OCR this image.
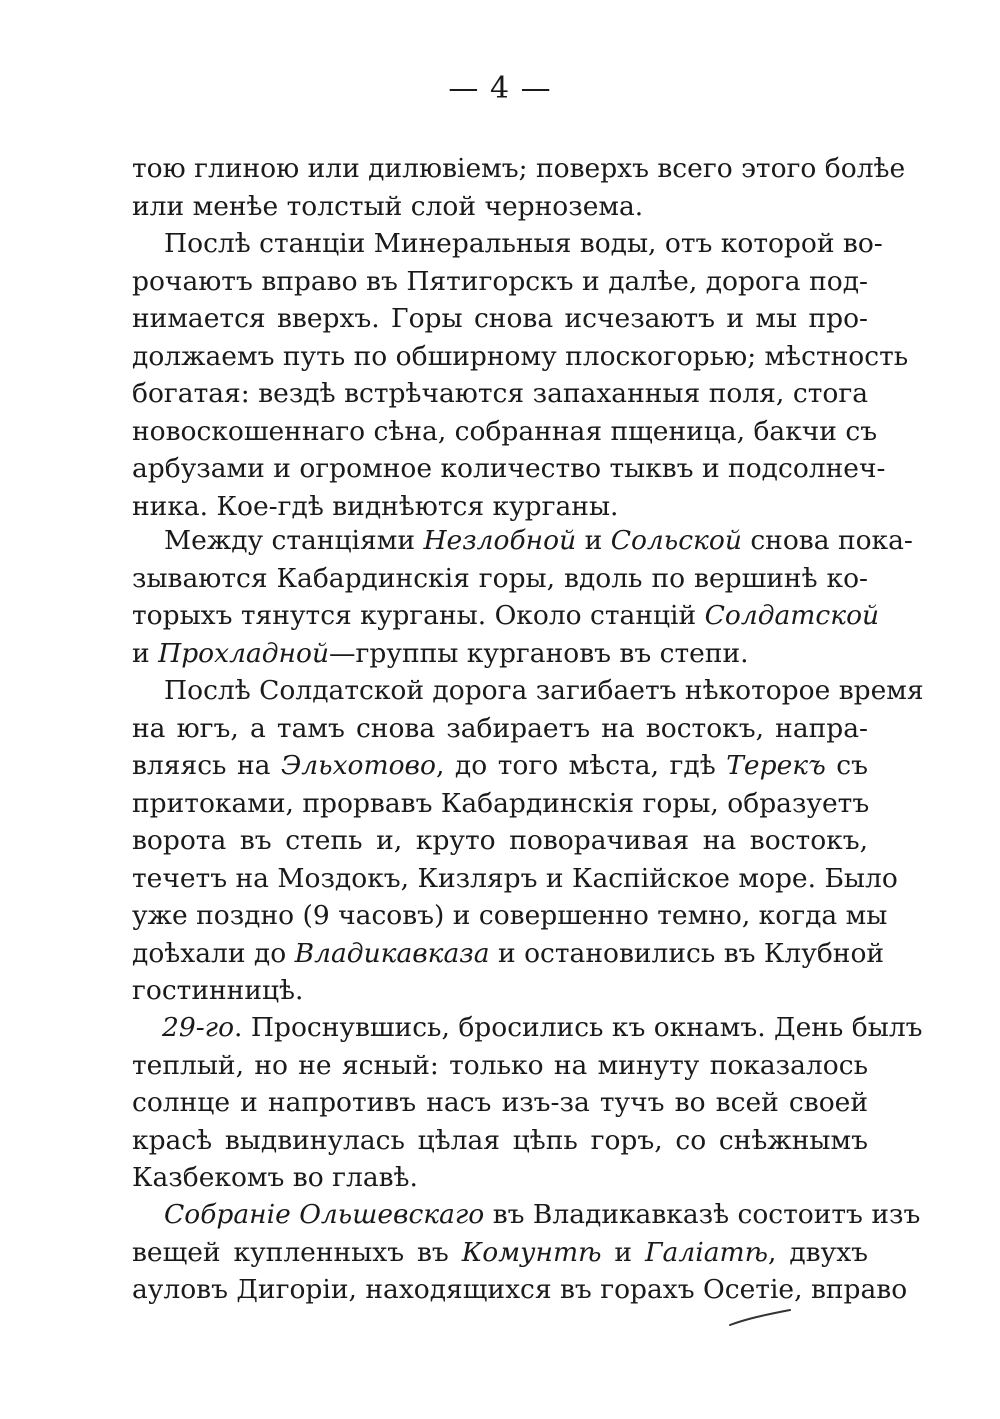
— 4 —
тою глиною или дилювіемъ; поверхъ всего этого болѣе
или менѣе толстый слой чернозема.
Послѣ станціи Минеральныя воды, отъ которой во-
рочаютъ вправо въ Пятигорскъ и далѣе, дорога под-
нимается вверхъ. Горы снова исчезаютъ и мы про-
должаемъ путь по обширному плоскогорью; мѣстность
богатая: вездѣ встрѣчаются запаханныя поля, стога
новоскошеннаго сѣна, собранная пщеница, бакчи съ
арбузами и огромное количество тыквъ и подсолнеч-
ника. Кое-гдѣ виднѣются курганы.
Между станціями Незлобной и Сольской снова пока-
зываются Кабардинскія горы, вдоль по вершинѣ ко-
торыхъ тянутся курганы. Около станцій Солдатской
и Прохладной—группы кургановъ въ степи.
Послѣ Солдатской дорога загибаетъ нѣкоторое время
на югъ, а тамъ снова забираетъ на востокъ, напра-
вляясь на Эльхотово, до того мѣста, гдѣ Терекъ съ
притоками, прорвавъ Кабардинскія горы, образуетъ
ворота въ степь и, круто поворачивая на востокъ,
течетъ на Моздокъ, Кизляръ и Каспійское море. Было
уже поздно (9 часовъ) и совершенно темно, когда мы
доѣхали до Владикавказа и остановились въ Клубной
гостинницѣ.
29-го. Проснувшись, бросились къ окнамъ. День былъ
теплый, но не ясный: только на минуту показалось
солнце и напротивъ насъ изъ-за тучъ во всей своей
красѣ выдвинулась цѣлая цѣпь горъ, со снѣжнымъ
Казбекомъ во главѣ.
Собраніе Ольшевскаго въ Владикавказѣ состоитъ изъ
вещей купленныхъ въ Комунтѣ и Галіатѣ, двухъ
ауловъ Дигоріи, находящихся въ горахъ Осетіе, вправо
